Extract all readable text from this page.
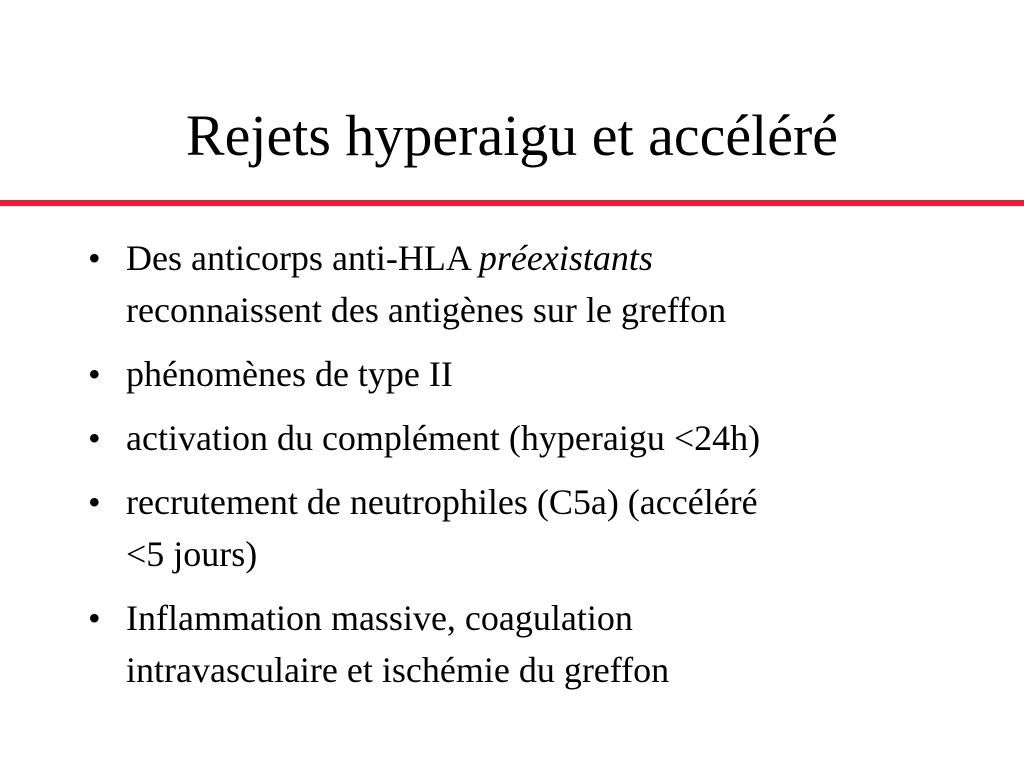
Rejets hyperaigu et accéléré
• Des anticorps anti-HLA préexistants
reconnaissent des antigènes sur le greffon
• phénomènes de type II
• activation du complément (hyperaigu <24h)
• recrutement de neutrophiles (C5a) (accéléré
<5 jours)
• Inflammation massive, coagulation
intravasculaire et ischémie du greffon
